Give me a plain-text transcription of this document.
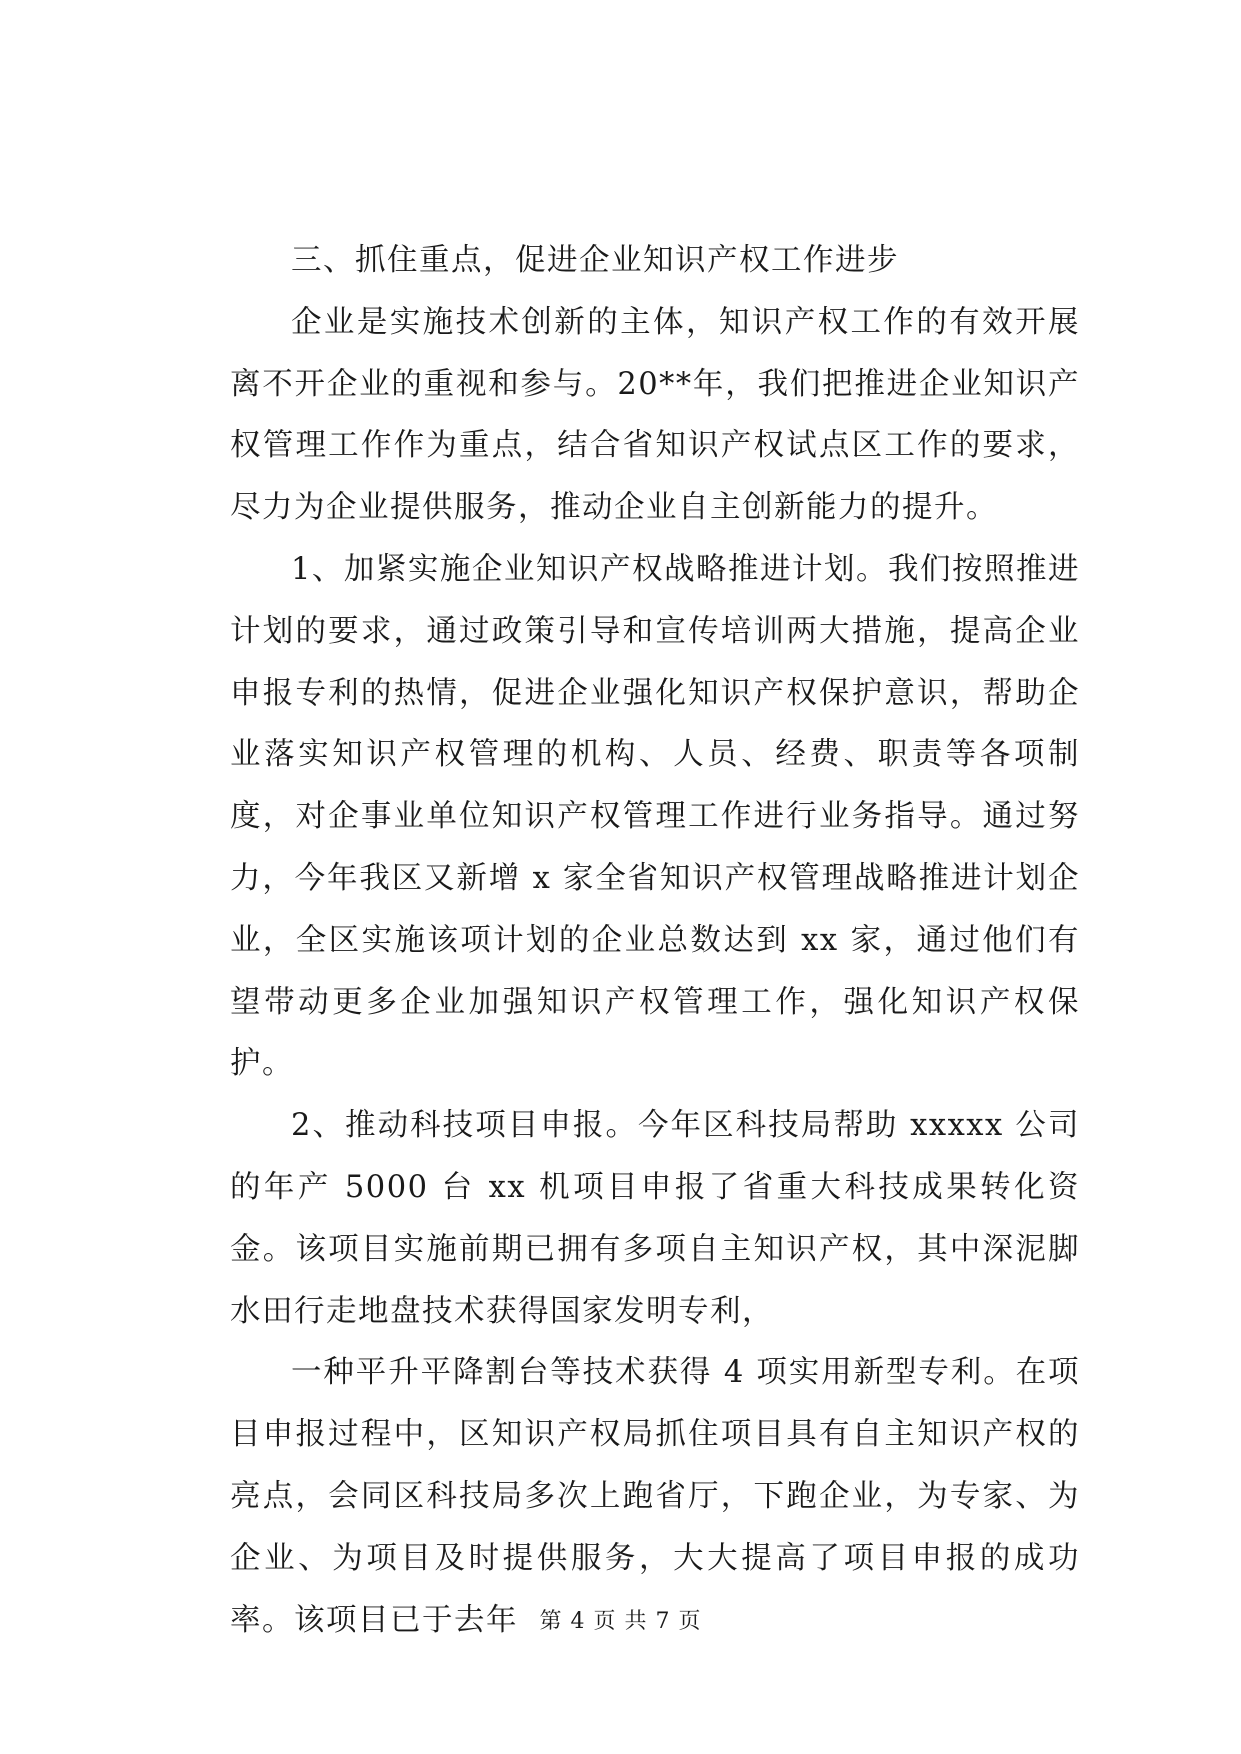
三、抓住重点，促进企业知识产权工作进步

企业是实施技术创新的主体，知识产权工作的有效开展离不开企业的重视和参与。20**年，我们把推进企业知识产权管理工作作为重点，结合省知识产权试点区工作的要求，尽力为企业提供服务，推动企业自主创新能力的提升。

1、加紧实施企业知识产权战略推进计划。我们按照推进计划的要求，通过政策引导和宣传培训两大措施，提高企业申报专利的热情，促进企业强化知识产权保护意识，帮助企业落实知识产权管理的机构、人员、经费、职责等各项制度，对企事业单位知识产权管理工作进行业务指导。通过努力，今年我区又新增 x 家全省知识产权管理战略推进计划企业，全区实施该项计划的企业总数达到 xx 家，通过他们有望带动更多企业加强知识产权管理工作，强化知识产权保护。

2、推动科技项目申报。今年区科技局帮助 xxxxx 公司的年产 5000 台 xx 机项目申报了省重大科技成果转化资金。该项目实施前期已拥有多项自主知识产权，其中深泥脚水田行走地盘技术获得国家发明专利，

一种平升平降割台等技术获得 4 项实用新型专利。在项目申报过程中，区知识产权局抓住项目具有自主知识产权的亮点，会同区科技局多次上跑省厅，下跑企业，为专家、为企业、为项目及时提供服务，大大提高了项目申报的成功率。该项目已于去年 第 4 页 共 7 页
